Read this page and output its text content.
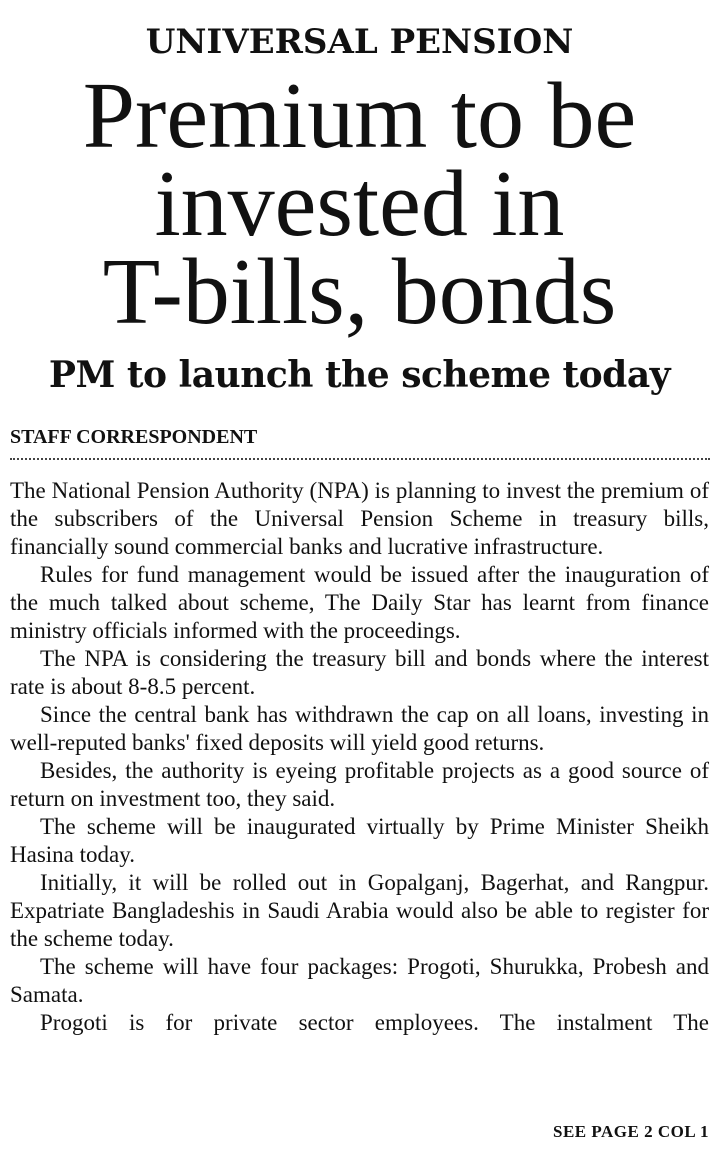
UNIVERSAL PENSION
Premium to be
invested in
T-bills, bonds
PM to launch the scheme today
STAFF CORRESPONDENT

The National Pension Authority (NPA) is planning to invest the premium of the subscribers of the Universal Pension Scheme in treasury bills, financially sound commercial banks and lucrative infrastructure.

Rules for fund management would be issued after the inauguration of the much talked about scheme, The Daily Star has learnt from finance ministry officials informed with the proceedings.

The NPA is considering the treasury bill and bonds where the interest rate is about 8-8.5 percent.

Since the central bank has withdrawn the cap on all loans, investing in well-reputed banks' fixed deposits will yield good returns.

Besides, the authority is eyeing profitable projects as a good source of return on investment too, they said.

The scheme will be inaugurated virtually by Prime Minister Sheikh Hasina today.

Initially, it will be rolled out in Gopalganj, Bagerhat, and Rangpur. Expatriate Bangladeshis in Saudi Arabia would also be able to register for the scheme today.

The scheme will have four packages: Progoti, Shurukka, Probesh and Samata.

Progoti is for private sector employees. The instalment The

SEE PAGE 2 COL 1
